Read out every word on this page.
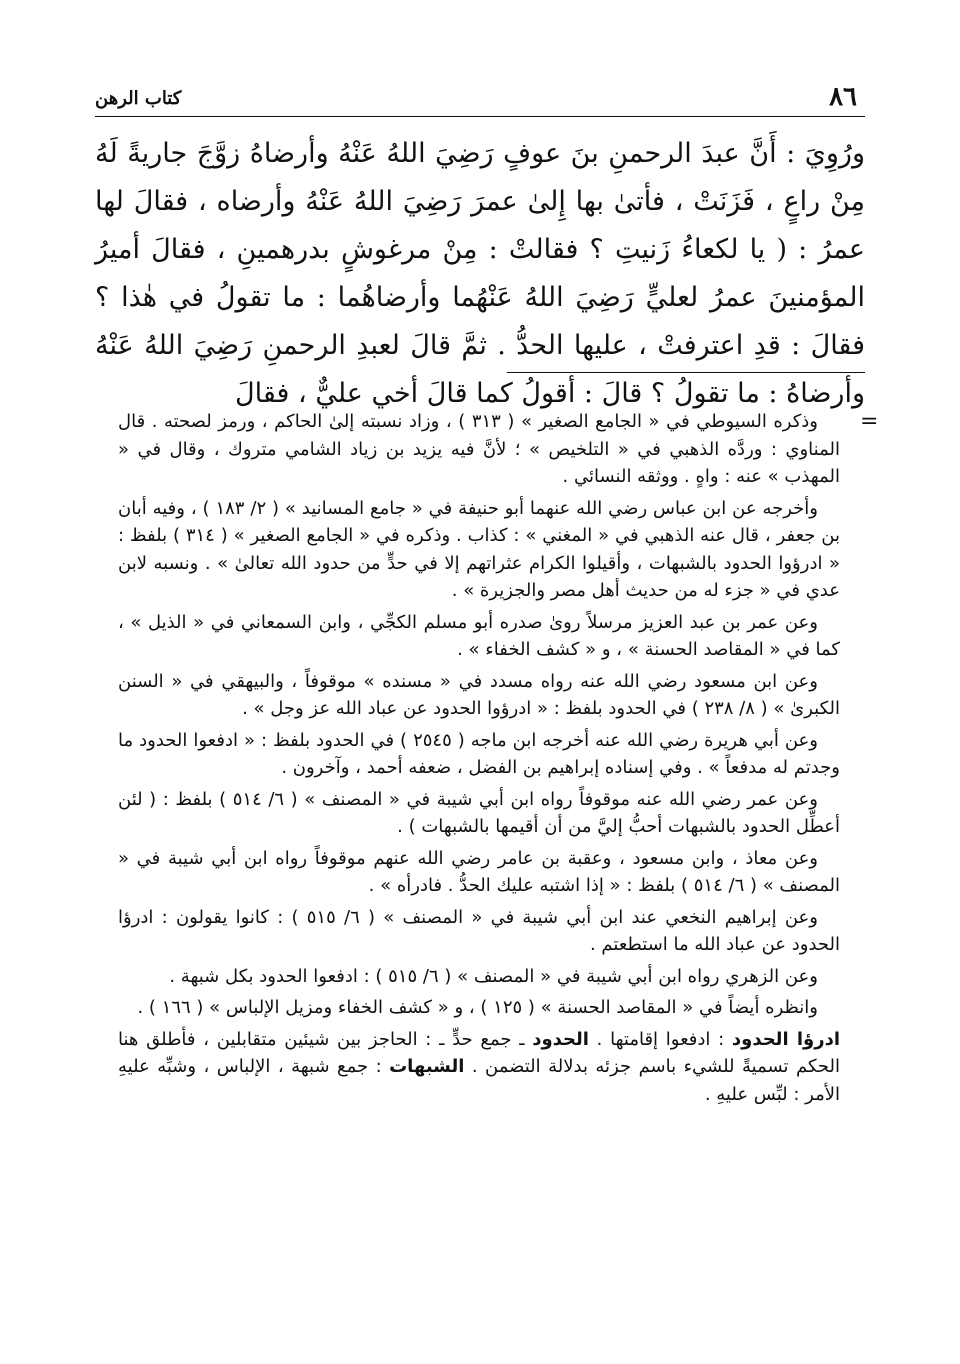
٨٦
كتاب الرهن

ورُوِيَ : أَنَّ عبدَ الرحمنِ بنَ عوفٍ رَضِيَ اللهُ عَنْهُ وأرضاهُ زوَّجَ جاريةً لَهُ مِنْ راعٍ ، فَزَنَتْ ، فأتىٰ بها إِلىٰ عمرَ رَضِيَ اللهُ عَنْهُ وأرضاه ، فقالَ لها عمرُ : ( يا لكعاءُ زَنيتِ ؟ فقالتْ : مِنْ مرغوشٍ بدرهمينِ ، فقالَ أميرُ المؤمنينَ عمرُ لعليٍّ رَضِيَ اللهُ عَنْهُما وأرضاهُما : ما تقولُ في هٰذا ؟ فقالَ : قدِ اعترفتْ ، عليها الحدُّ . ثمَّ قالَ لعبدِ الرحمنِ رَضِيَ اللهُ عَنْهُ وأرضاهُ : ما تقولُ ؟ قالَ : أقولُ كما قالَ أخي عليٌّ ، فقالَ

=

وذكره السيوطي في « الجامع الصغير » ( ٣١٣ ) ، وزاد نسبته إلىٰ الحاكم ، ورمز لصحته . قال المناوي : وردَّه الذهبي في « التلخيص » ؛ لأنَّ فيه يزيد بن زياد الشامي متروك ، وقال في « المهذب » عنه : واهٍ . ووثقه النسائي .

وأخرجه عن ابن عباس رضي الله عنهما أبو حنيفة في « جامع المسانيد » ( ٢/ ١٨٣ ) ، وفيه أبان بن جعفر ، قال عنه الذهبي في « المغني » : كذاب . وذكره في « الجامع الصغير » ( ٣١٤ ) بلفظ : « ادرؤوا الحدود بالشبهات ، وأقيلوا الكرام عثراتهم إلا في حدٍّ من حدود الله تعالىٰ » . ونسبه لابن عدي في « جزء له من حديث أهل مصر والجزيرة » .

وعن عمر بن عبد العزيز مرسلاً روىٰ صدره أبو مسلم الكجِّي ، وابن السمعاني في « الذيل » ، كما في « المقاصد الحسنة » ، و « كشف الخفاء » .

وعن ابن مسعود رضي الله عنه رواه مسدد في « مسنده » موقوفاً ، والبيهقي في « السنن الكبرىٰ » ( ٨/ ٢٣٨ ) في الحدود بلفظ : « ادرؤوا الحدود عن عباد الله عز وجل » .

وعن أبي هريرة رضي الله عنه أخرجه ابن ماجه ( ٢٥٤٥ ) في الحدود بلفظ : « ادفعوا الحدود ما وجدتم له مدفعاً » . وفي إسناده إبراهيم بن الفضل ، ضعفه أحمد ، وآخرون .

وعن عمر رضي الله عنه موقوفاً رواه ابن أبي شيبة في « المصنف » ( ٦/ ٥١٤ ) بلفظ : ( لئن أعطِّل الحدود بالشبهات أحبُّ إليَّ من أن أقيمها بالشبهات ) .

وعن معاذ ، وابن مسعود ، وعقبة بن عامر رضي الله عنهم موقوفاً رواه ابن أبي شيبة في « المصنف » ( ٦/ ٥١٤ ) بلفظ : « إذا اشتبه عليك الحدُّ . فادرأه » .

وعن إبراهيم النخعي عند ابن أبي شيبة في « المصنف » ( ٦/ ٥١٥ ) : كانوا يقولون : ادرؤا الحدود عن عباد الله ما استطعتم .

وعن الزهري رواه ابن أبي شيبة في « المصنف » ( ٦/ ٥١٥ ) : ادفعوا الحدود بكل شبهة .

وانظره أيضاً في « المقاصد الحسنة » ( ١٢٥ ) ، و « كشف الخفاء ومزيل الإلباس » ( ١٦٦ ) .

ادرؤا الحدود : ادفعوا إقامتها . الحدود ـ جمع حدٍّ ـ : الحاجز بين شيئين متقابلين ، فأطلق هنا الحكم تسميةً للشيء باسم جزئه بدلالة التضمن . الشبهات : جمع شبهة ، الإلباس ، وشبِّه عليهِ الأمر : لبِّس عليهِ .
